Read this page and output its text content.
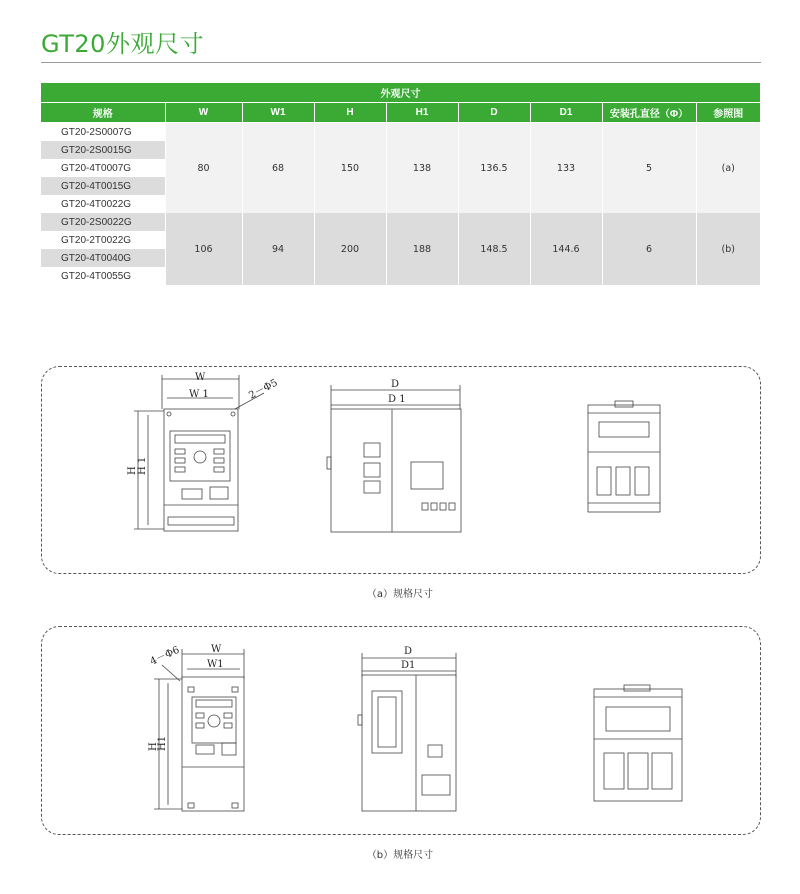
GT20外观尺寸
外观尺寸								
规格	W	W1	H	H1	D	D1	安装孔直径（Φ）	参照图
GT20-2S0007G	80	68	150	138	136.5	133	5	(a)
GT20-2S0015G								
GT20-4T0007G								
GT20-4T0015G								
GT20-4T0022G								
GT20-2S0022G	106	94	200	188	148.5	144.6	6	(b)
GT20-2T0022G								
GT20-4T0040G								
GT20-4T0055G								
W
W 1	2－Φ5
H H 1
D
D 1
（a）规格尺寸
W
W1
4－Φ6
H
H1
D
D1
（b）规格尺寸
